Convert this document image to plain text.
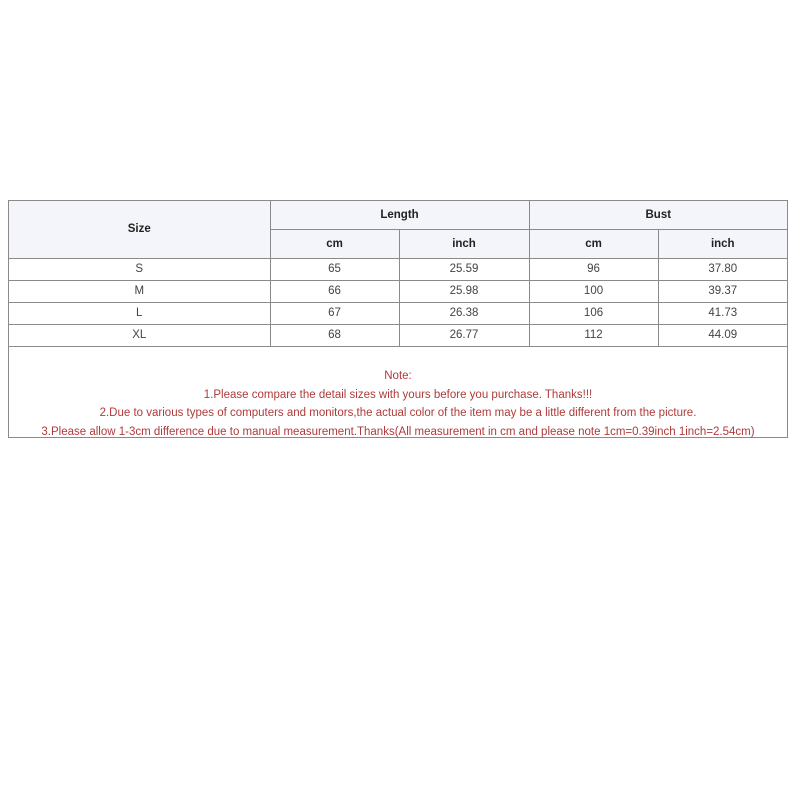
Size	Length		Bust	
	cm	inch	cm	inch
S	65	25.59	96	37.80
M	66	25.98	100	39.37
L	67	26.38	106	41.73
XL	68	26.77	112	44.09
Note:
1.Please compare the detail sizes with yours before you purchase. Thanks!!!
2.Due to various types of computers and monitors,the actual color of the item may be a little different from the picture.
3.Please allow 1-3cm difference due to manual measurement.Thanks(All measurement in cm and please note 1cm=0.39inch 1inch=2.54cm)
